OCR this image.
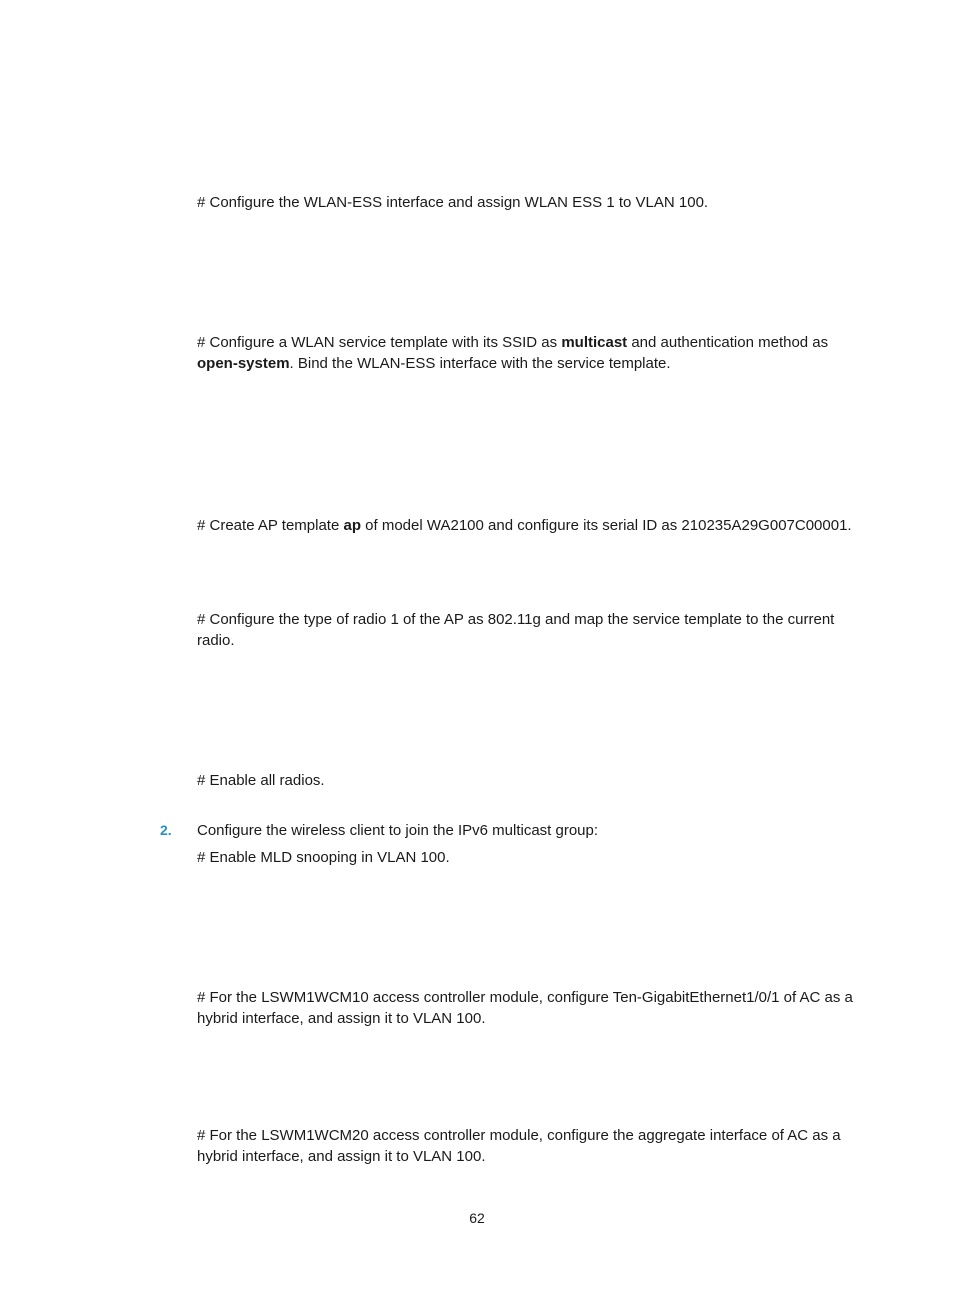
# Configure the WLAN-ESS interface and assign WLAN ESS 1 to VLAN 100.

# Configure a WLAN service template with its SSID as multicast and authentication method as open-system. Bind the WLAN-ESS interface with the service template.

# Create AP template ap of model WA2100 and configure its serial ID as 210235A29G007C00001.

# Configure the type of radio 1 of the AP as 802.11g and map the service template to the current radio.

# Enable all radios.

2. Configure the wireless client to join the IPv6 multicast group:

# Enable MLD snooping in VLAN 100.

# For the LSWM1WCM10 access controller module, configure Ten-GigabitEthernet1/0/1 of AC as a hybrid interface, and assign it to VLAN 100.

# For the LSWM1WCM20 access controller module, configure the aggregate interface of AC as a hybrid interface, and assign it to VLAN 100.

62
